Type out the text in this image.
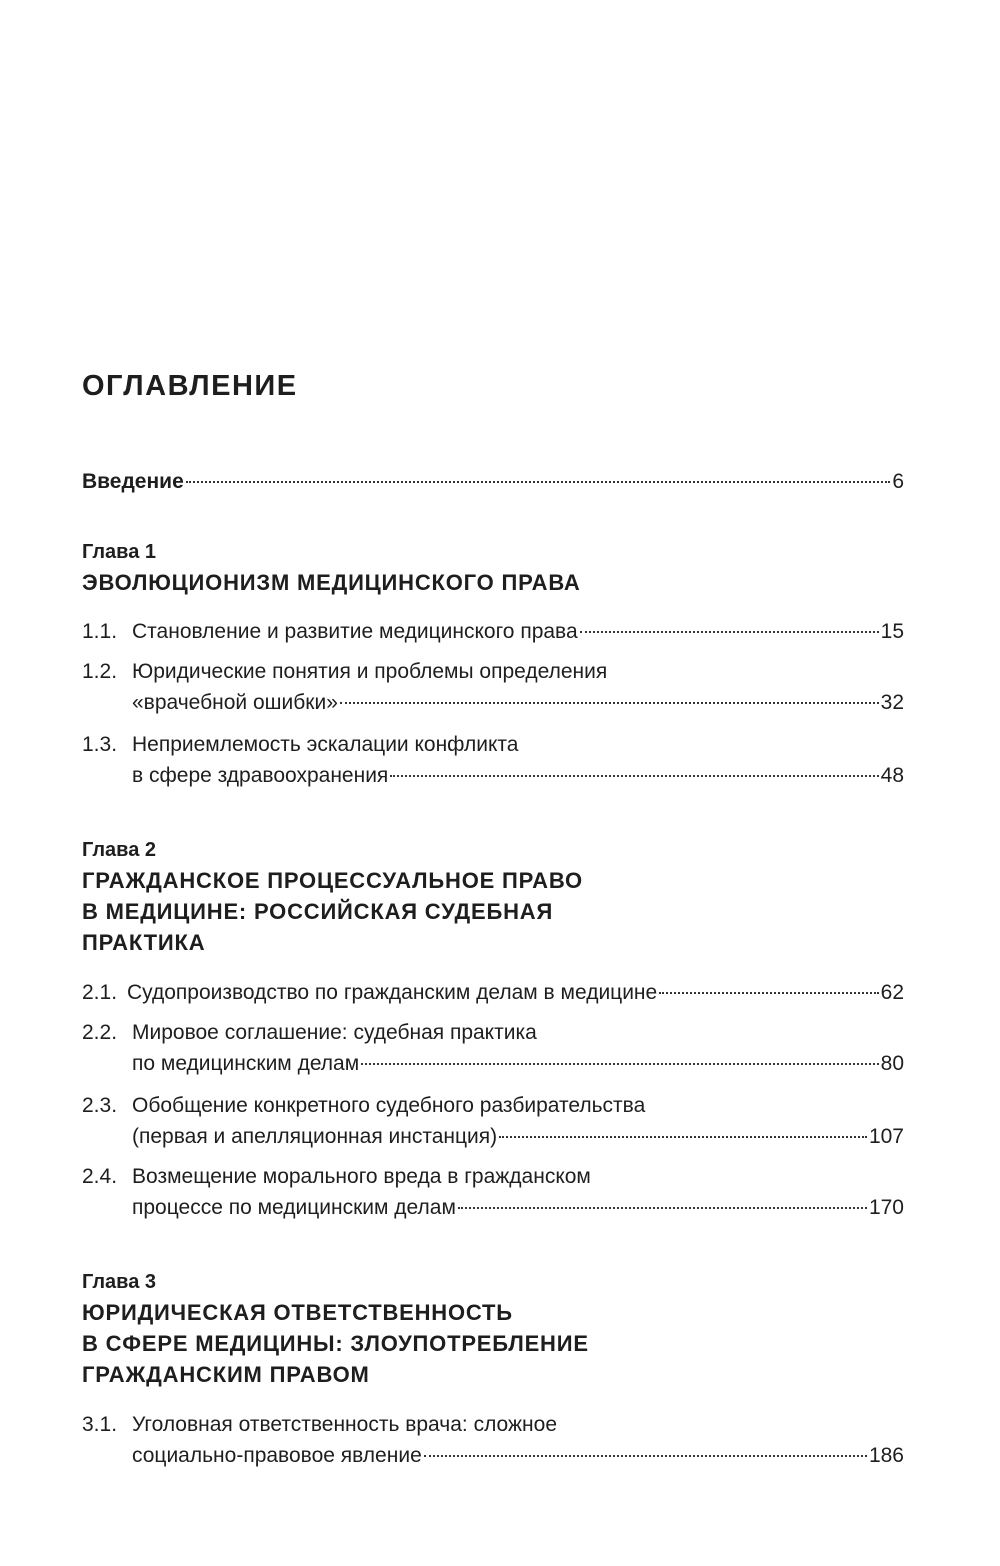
ОГЛАВЛЕНИЕ
Введение	6
Глава 1
ЭВОЛЮЦИОНИЗМ МЕДИЦИНСКОГО ПРАВА
1.1. Становление и развитие медицинского права	15
1.2. Юридические понятия и проблемы определения
«врачебной ошибки»	32
1.3. Неприемлемость эскалации конфликта
в сфере здравоохранения	48
Глава 2
ГРАЖДАНСКОЕ ПРОЦЕССУАЛЬНОЕ ПРАВО
В МЕДИЦИНЕ: РОССИЙСКАЯ СУДЕБНАЯ
ПРАКТИКА
2.1. Судопроизводство по гражданским делам в медицине	62
2.2. Мировое соглашение: судебная практика
по медицинским делам	80
2.3. Обобщение конкретного судебного разбирательства
(первая и апелляционная инстанция)	107
2.4. Возмещение морального вреда в гражданском
процессе по медицинским делам	170
Глава 3
ЮРИДИЧЕСКАЯ ОТВЕТСТВЕННОСТЬ
В СФЕРЕ МЕДИЦИНЫ: ЗЛОУПОТРЕБЛЕНИЕ
ГРАЖДАНСКИМ ПРАВОМ
3.1. Уголовная ответственность врача: сложное
социально-правовое явление	186
